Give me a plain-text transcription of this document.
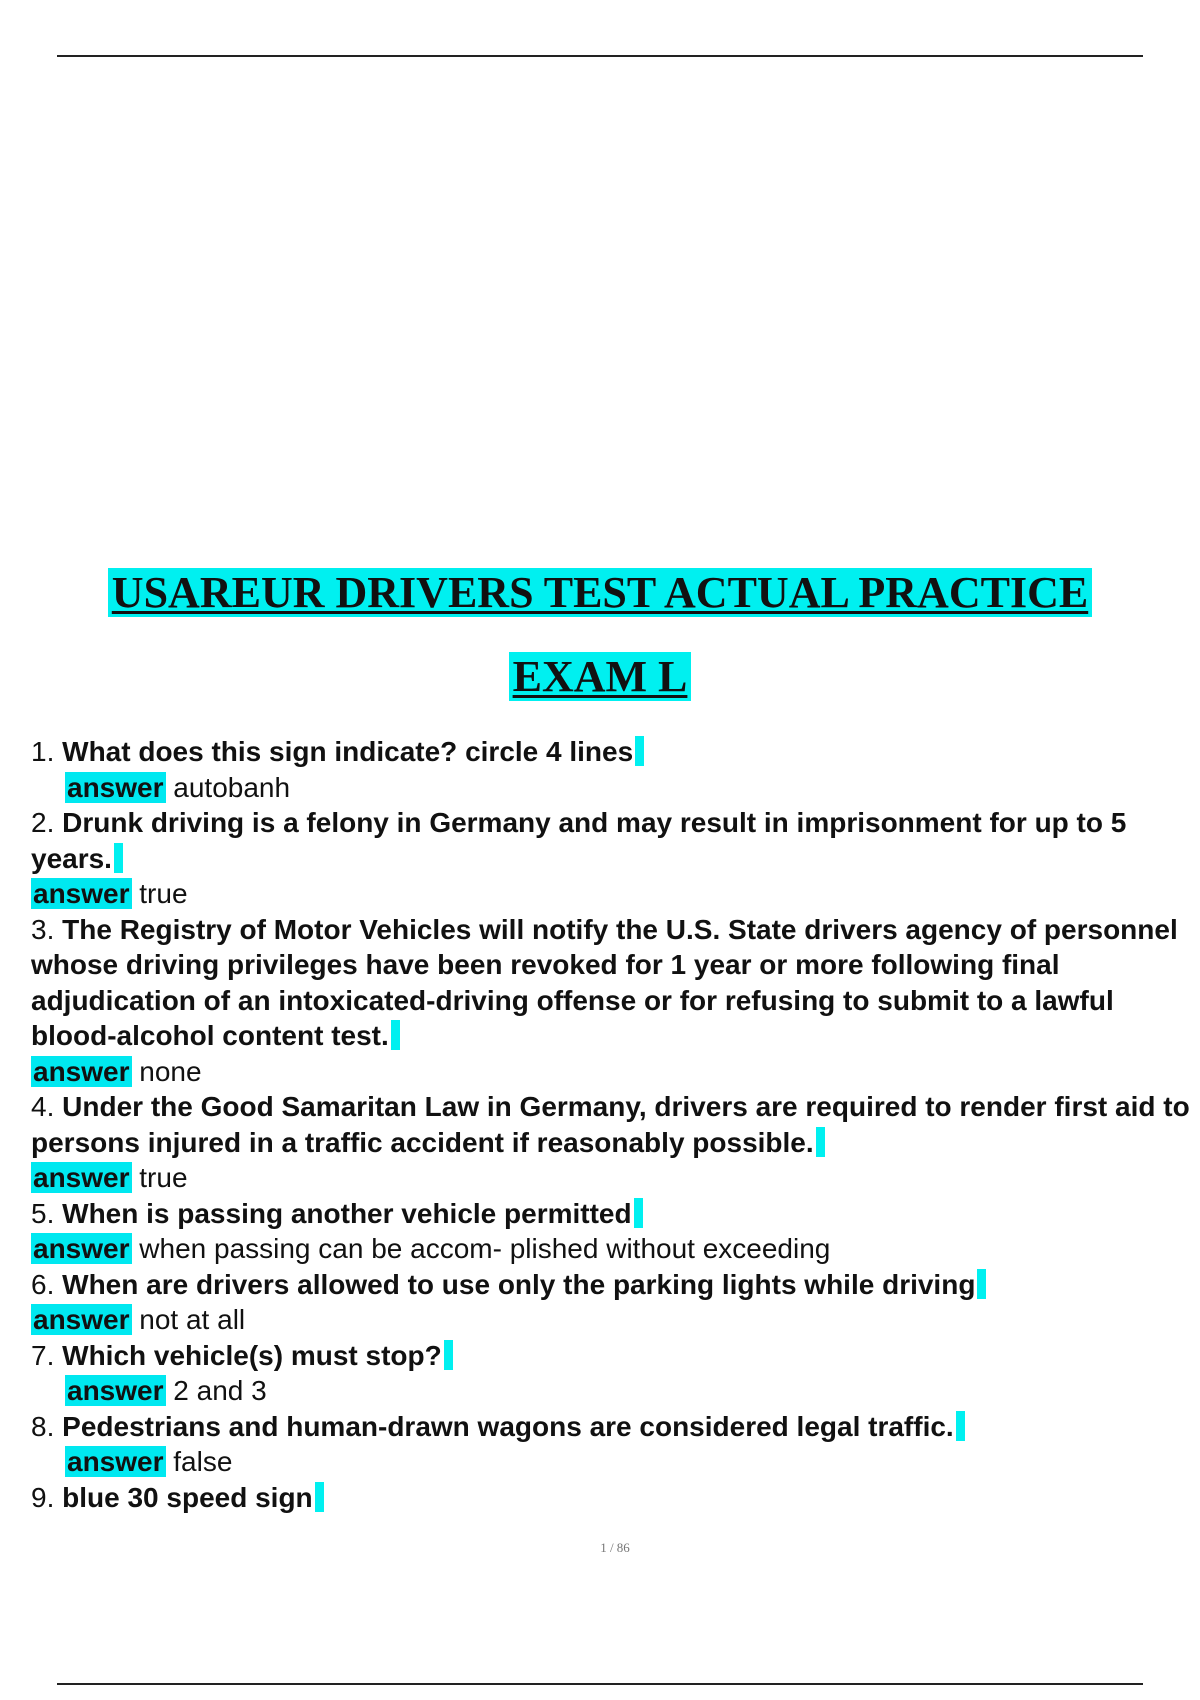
USAREUR DRIVERS TEST ACTUAL PRACTICE
EXAM L

1. What does this sign indicate? circle 4 lines

answer autobanh

2. Drunk driving is a felony in Germany and may result in imprisonment for up to 5 years.

answer true

3. The Registry of Motor Vehicles will notify the U.S. State drivers agency of personnel whose driving privileges have been revoked for 1 year or more following final adjudication of an intoxicated-driving offense or for refusing to submit to a lawful blood-alcohol content test.

answer none

4. Under the Good Samaritan Law in Germany, drivers are required to render first aid to persons injured in a traffic accident if reasonably possible.

answer true

5. When is passing another vehicle permitted

answer when passing can be accom- plished without exceeding

6. When are drivers allowed to use only the parking lights while driving

answer not at all

7. Which vehicle(s) must stop?

answer 2 and 3

8. Pedestrians and human-drawn wagons are considered legal traffic.

answer false

9. blue 30 speed sign

1 / 86
